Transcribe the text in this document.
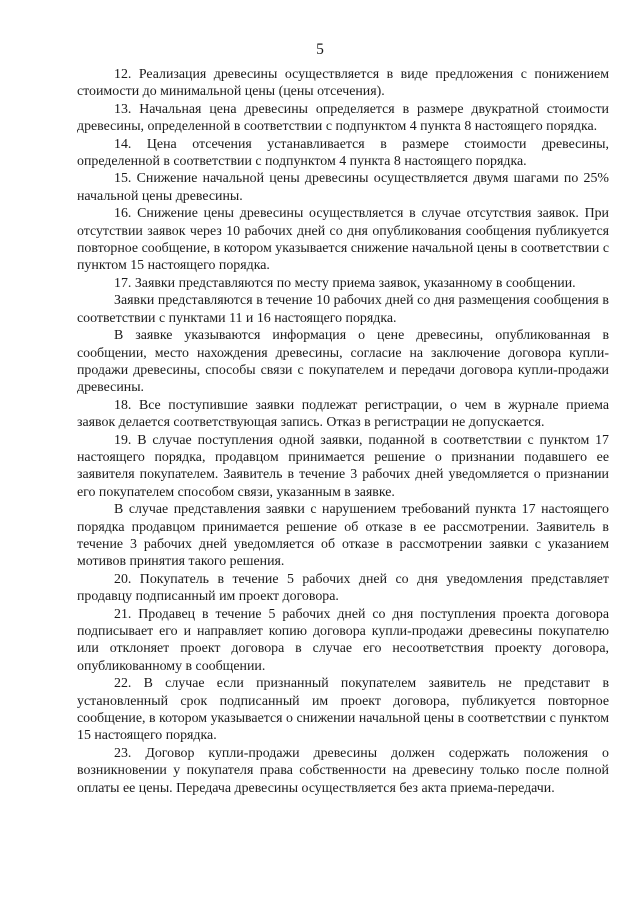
5

12. Реализация древесины осуществляется в виде предложения с понижением стоимости до минимальной цены (цены отсечения).

13. Начальная цена древесины определяется в размере двукратной стоимости древесины, определенной в соответствии с подпунктом 4 пункта 8 настоящего порядка.

14. Цена отсечения устанавливается в размере стоимости древесины, определенной в соответствии с подпунктом 4 пункта 8 настоящего порядка.

15. Снижение начальной цены древесины осуществляется двумя шагами по 25% начальной цены древесины.

16. Снижение цены древесины осуществляется в случае отсутствия заявок. При отсутствии заявок через 10 рабочих дней со дня опубликования сообщения публикуется повторное сообщение, в котором указывается снижение начальной цены в соответствии с пунктом 15 настоящего порядка.

17. Заявки представляются по месту приема заявок, указанному в сообщении.

Заявки представляются в течение 10 рабочих дней со дня размещения сообщения в соответствии с пунктами 11 и 16 настоящего порядка.

В заявке указываются информация о цене древесины, опубликованная в сообщении, место нахождения древесины, согласие на заключение договора купли-продажи древесины, способы связи с покупателем и передачи договора купли-продажи древесины.

18. Все поступившие заявки подлежат регистрации, о чем в журнале приема заявок делается соответствующая запись. Отказ в регистрации не допускается.

19. В случае поступления одной заявки, поданной в соответствии с пунктом 17 настоящего порядка, продавцом принимается решение о признании подавшего ее заявителя покупателем. Заявитель в течение 3 рабочих дней уведомляется о признании его покупателем способом связи, указанным в заявке.

В случае представления заявки с нарушением требований пункта 17 настоящего порядка продавцом принимается решение об отказе в ее рассмотрении. Заявитель в течение 3 рабочих дней уведомляется об отказе в рассмотрении заявки с указанием мотивов принятия такого решения.

20. Покупатель в течение 5 рабочих дней со дня уведомления представляет продавцу подписанный им проект договора.

21. Продавец в течение 5 рабочих дней со дня поступления проекта договора подписывает его и направляет копию договора купли-продажи древесины покупателю или отклоняет проект договора в случае его несоответствия проекту договора, опубликованному в сообщении.

22. В случае если признанный покупателем заявитель не представит в установленный срок подписанный им проект договора, публикуется повторное сообщение, в котором указывается о снижении начальной цены в соответствии с пунктом 15 настоящего порядка.

23. Договор купли-продажи древесины должен содержать положения о возникновении у покупателя права собственности на древесину только после полной оплаты ее цены. Передача древесины осуществляется без акта приема-передачи.
